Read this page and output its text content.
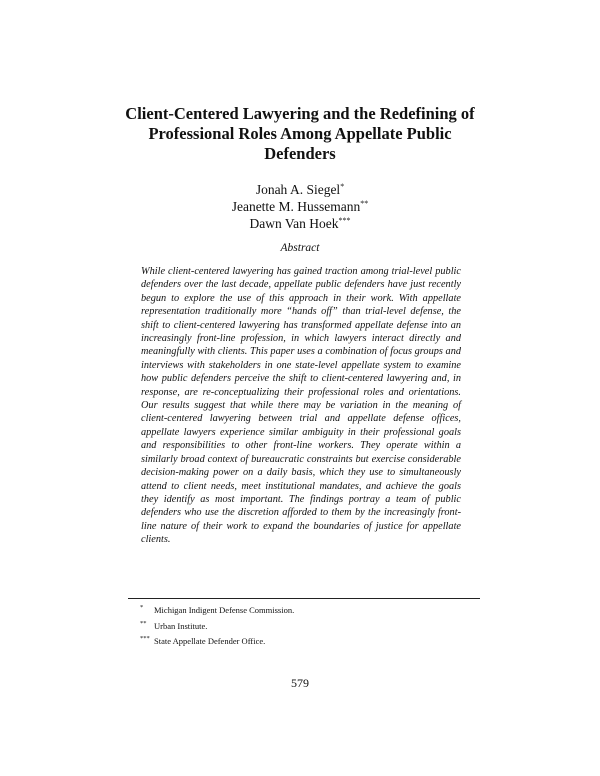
Client-Centered Lawyering and the Redefining of
Professional Roles Among Appellate Public
Defenders
Jonah A. Siegel*
Jeanette M. Hussemann**
Dawn Van Hoek***
Abstract
While client-centered lawyering has gained traction among trial-level public defenders over the last decade, appellate public defenders have just recently begun to explore the use of this approach in their work. With appellate representation traditionally more “hands off” than trial-level defense, the shift to client-centered lawyering has transformed appellate defense into an increasingly front-line profession, in which lawyers interact directly and meaningfully with clients. This paper uses a combination of focus groups and interviews with stakeholders in one state-level appellate system to examine how public defenders perceive the shift to client-centered lawyering and, in response, are re-conceptualizing their professional roles and orientations. Our results suggest that while there may be variation in the meaning of client-centered lawyering between trial and appellate defense offices, appellate lawyers experience similar ambiguity in their professional goals and responsibilities to other front-line workers. They operate within a similarly broad context of bureaucratic constraints but exercise considerable decision-making power on a daily basis, which they use to simultaneously attend to client needs, meet institutional mandates, and achieve the goals they identify as most important. The findings portray a team of public defenders who use the discretion afforded to them by the increasingly front-line nature of their work to expand the boundaries of justice for appellate clients.
* Michigan Indigent Defense Commission.
** Urban Institute.
*** State Appellate Defender Office.
579
